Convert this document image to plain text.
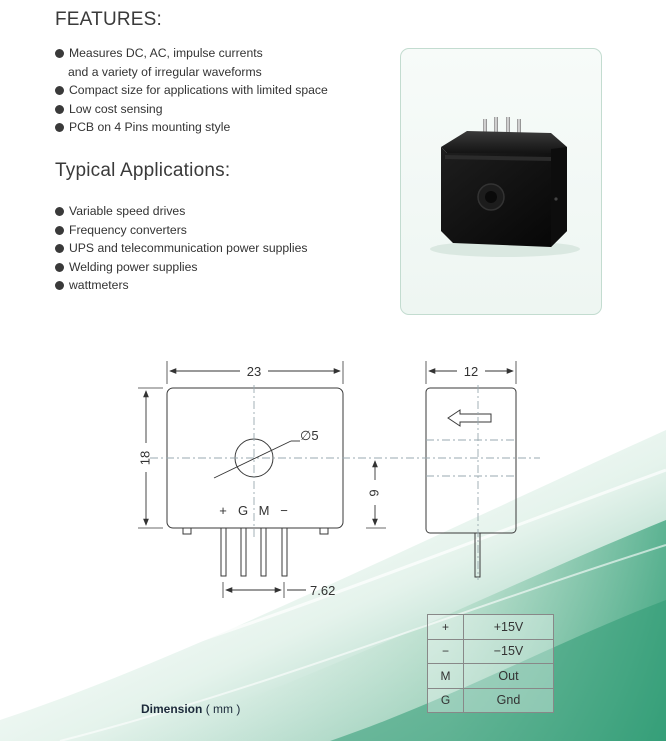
FEATURES:
Measures DC, AC, impulse currents
and a variety of irregular waveforms
Compact size for applications with limited space
Low cost sensing
PCB on 4 Pins mounting style
Typical Applications:
Variable speed drives
Frequency converters
UPS and telecommunication power supplies
Welding power supplies
wattmeters
23	12
18
9
7.62
∅5
+ G M −
+	+15V
−	−15V
M	Out
G	Gnd
Dimension ( mm )
